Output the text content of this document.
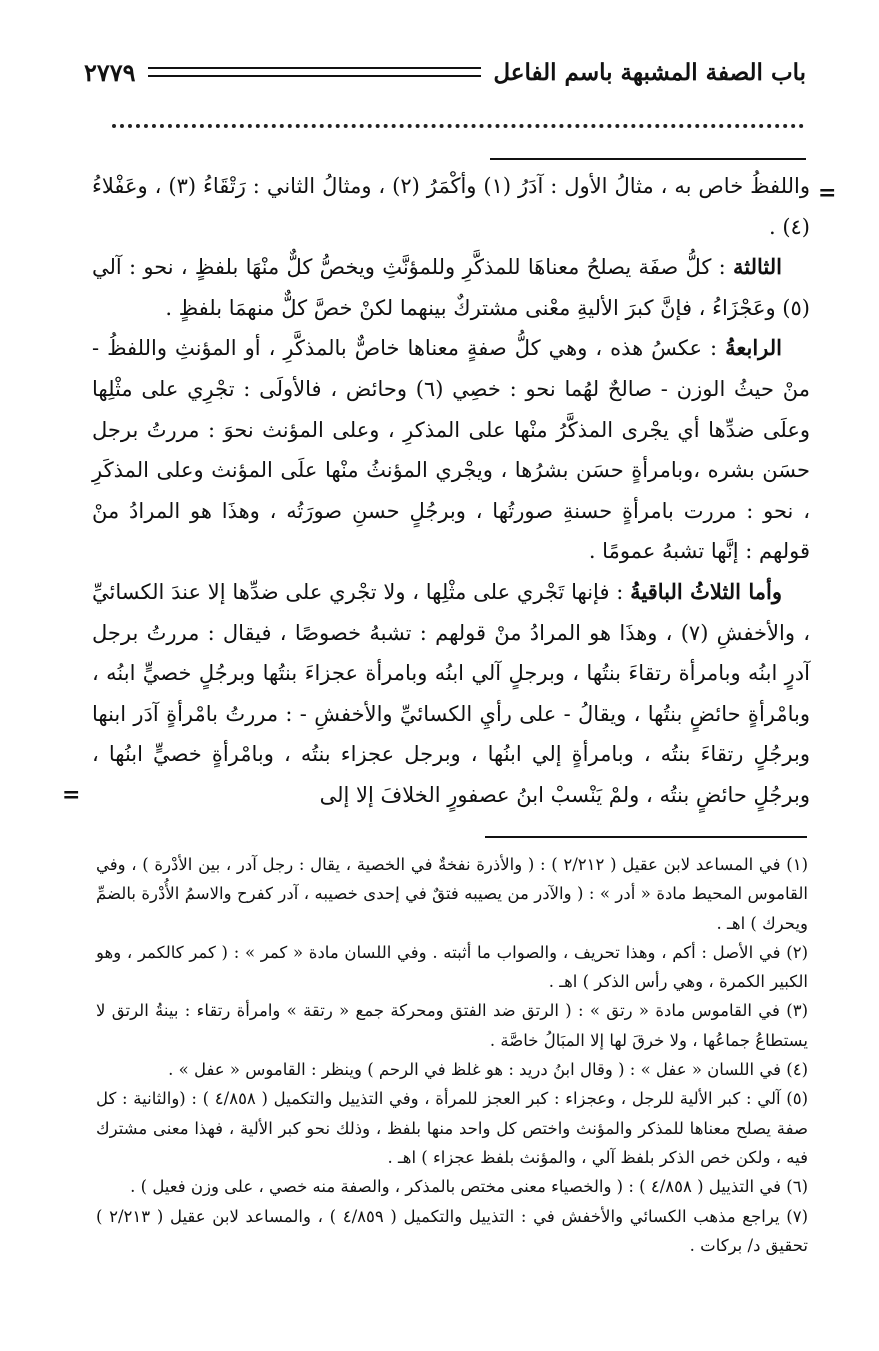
باب الصفة المشبهة باسم الفاعل
٢٧٧٩
=

واللفظُ خاص به ، مثالُ الأول : آدَرُ (١) وأكْمَرُ (٢) ، ومثالُ الثاني : رَتْقَاءُ (٣) ، وعَفْلاءُ (٤) .

الثالثة : كلُّ صفَة يصلحُ معناهَا للمذكَّرِ وللمؤنَّثِ ويخصُّ كلٌّ منْهَا بلفظٍ ، نحو : آلي (٥) وعَجْزَاءُ ، فإنَّ كبرَ الأليةِ معْنى مشتركٌ بينهما لكنْ خصَّ كلٌّ منهمَا بلفظٍ .

الرابعةُ : عكسُ هذه ، وهي كلُّ صفةٍ معناها خاصٌّ بالمذكَّرِ ، أو المؤنثِ واللفظُ - منْ حيثُ الوزن - صالحٌ لهُما نحو : خصِي (٦) وحائض ، فالأولَى : تجْرِي على مثْلِها وعلَى ضدِّها أي يجْرى المذكَّرُ منْها على المذكرِ ، وعلى المؤنث نحوَ : مررتُ برجل حسَن بشره ،وبامرأةٍ حسَن بشرُها ، ويجْري المؤنثُ منْها علَى المؤنث وعلى المذكَرِ ، نحو : مررت بامرأةٍ حسنةِ صورتُها ، وبرجُلٍ حسنِ صورَتُه ، وهذَا هو المرادُ منْ قولهم : إنَّها تشبهُ عمومًا .

وأما الثلاثُ الباقيةُ : فإنها تَجْري على مثْلِها ، ولا تجْري على ضدِّها إلا عندَ الكسائيِّ ، والأخفشِ (٧) ، وهذَا هو المرادُ منْ قولهم : تشبهُ خصوصًا ، فيقال : مررتُ برجل آدرٍ ابنُه وبامرأة رتقاءَ بنتُها ، وبرجلٍ آلي ابنُه وبامرأة عجزاءَ بنتُها وبرجُلٍ خصيٍّ ابنُه ، وبامْرأةٍ حائضٍ بنتُها ، ويقالُ - على رأيِ الكسائيِّ والأخفشِ - : مررتُ بامْرأةٍ آدَر ابنها وبرجُلٍ رتقاءَ بنتُه ، وبامرأةٍ إلي ابنُها ، وبرجل عجزاء بنتُه ، وبامْرأةٍ خصيٍّ ابنُها ، وبرجُلٍ حائضٍ بنتُه ، ولمْ يَنْسبْ ابنُ عصفورٍ الخلافَ إلا إلى

=

(١) في المساعد لابن عقيل ( ٢/٢١٢ ) : ( والأذرة نفخةٌ في الخصية ، يقال : رجل آدر ، بين الأدْرة ) ، وفي القاموس المحيط مادة « أدر » : ( والآدر من يصيبه فتقٌ في إحدى خصيبه ، آدر كفرح والاسمُ الأُدْرة بالضمِّ ويحرك ) اهـ .

(٢) في الأصل : أكم ، وهذا تحريف ، والصواب ما أثبته . وفي اللسان مادة « كمر » : ( كمر كالكمر ، وهو الكبير الكمرة ، وهي رأس الذكر ) اهـ .

(٣) في القاموس مادة « رتق » : ( الرتق ضد الفتق ومحركة جمع « رتقة » وامرأة رتقاء : بينةُ الرتق لا يستطاعُ جماعُها ، ولا خرقَ لها إلا المبَالُ خاصَّة .

(٤) في اللسان « عفل » : ( وقال ابنُ دريد : هو غلظ في الرحم ) وينظر : القاموس « عفل » .

(٥) آلي : كبر الألية للرجل ، وعجزاء : كبر العجز للمرأة ، وفي التذييل والتكميل ( ٤/٨٥٨ ) : (والثانية : كل صفة يصلح معناها للمذكر والمؤنث واختص كل واحد منها بلفظ ، وذلك نحو كبر الألية ، فهذا معنى مشترك فيه ، ولكن خص الذكر بلفظ آلي ، والمؤنث بلفظ عجزاء ) اهـ .

(٦) في التذييل ( ٤/٨٥٨ ) : ( والخصياء معنى مختص بالمذكر ، والصفة منه خصي ، على وزن فعيل ) .

(٧) يراجع مذهب الكسائي والأخفش في : التذييل والتكميل ( ٤/٨٥٩ ) ، والمساعد لابن عقيل ( ٢/٢١٣ ) تحقيق د/ بركات .
